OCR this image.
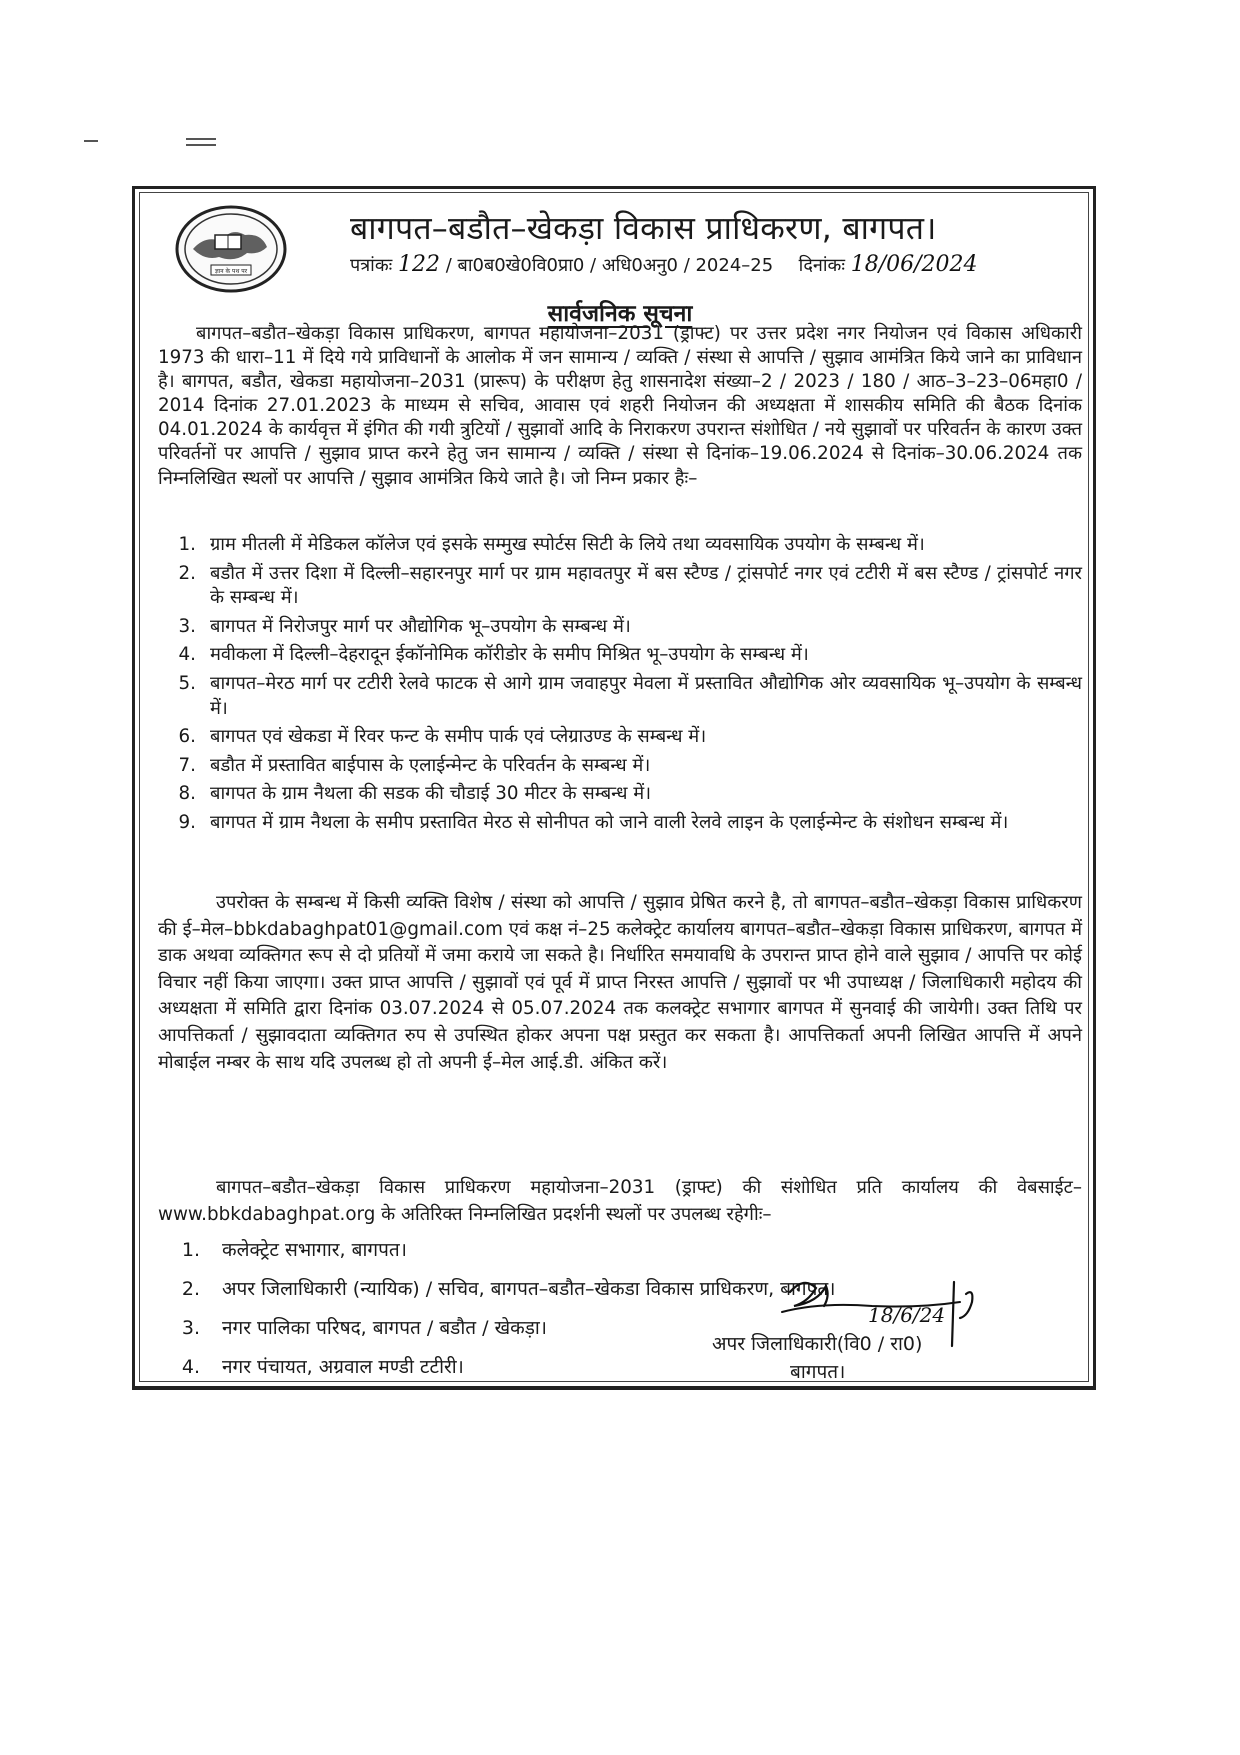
ज्ञान के पथ पर
बागपत–बडौत–खेकड़ा विकास प्राधिकरण, बागपत।
पत्रांकः 122 / बा0ब0खे0वि0प्रा0 / अधि0अनु0 / 2024–25 दिनांकः 18/06/2024
सार्वजनिक सूचना
बागपत–बडौत–खेकड़ा विकास प्राधिकरण, बागपत महायोजना–2031 (ड्राफ्ट) पर उत्तर प्रदेश नगर नियोजन एवं विकास अधिकारी 1973 की धारा–11 में दिये गये प्राविधानों के आलोक में जन सामान्य / व्यक्ति / संस्था से आपत्ति / सुझाव आमंत्रित किये जाने का प्राविधान है। बागपत, बडौत, खेकडा महायोजना–2031 (प्रारूप) के परीक्षण हेतु शासनादेश संख्या–2 / 2023 / 180 / आठ–3–23–06महा0 / 2014 दिनांक 27.01.2023 के माध्यम से सचिव, आवास एवं शहरी नियोजन की अध्यक्षता में शासकीय समिति की बैठक दिनांक 04.01.2024 के कार्यवृत्त में इंगित की गयी त्रुटियों / सुझावों आदि के निराकरण उपरान्त संशोधित / नये सुझावों पर परिवर्तन के कारण उक्त परिवर्तनों पर आपत्ति / सुझाव प्राप्त करने हेतु जन सामान्य / व्यक्ति / संस्था से दिनांक–19.06.2024 से दिनांक–30.06.2024 तक निम्नलिखित स्थलों पर आपत्ति / सुझाव आमंत्रित किये जाते है। जो निम्न प्रकार हैः–
1. ग्राम मीतली में मेडिकल कॉलेज एवं इसके सम्मुख स्पोर्टस सिटी के लिये तथा व्यवसायिक उपयोग के सम्बन्ध में।
2. बडौत में उत्तर दिशा में दिल्ली–सहारनपुर मार्ग पर ग्राम महावतपुर में बस स्टैण्ड / ट्रांसपोर्ट नगर एवं टटीरी में बस स्टैण्ड / ट्रांसपोर्ट नगर के सम्बन्ध में।
3. बागपत में निरोजपुर मार्ग पर औद्योगिक भू–उपयोग के सम्बन्ध में।
4. मवीकला में दिल्ली–देहरादून ईकॉनोमिक कॉरीडोर के समीप मिश्रित भू–उपयोग के सम्बन्ध में।
5. बागपत–मेरठ मार्ग पर टटीरी रेलवे फाटक से आगे ग्राम जवाहपुर मेवला में प्रस्तावित औद्योगिक ओर व्यवसायिक भू–उपयोग के सम्बन्ध में।
6. बागपत एवं खेकडा में रिवर फन्ट के समीप पार्क एवं प्लेग्राउण्ड के सम्बन्ध में।
7. बडौत में प्रस्तावित बाईपास के एलाईन्मेन्ट के परिवर्तन के सम्बन्ध में।
8. बागपत के ग्राम नैथला की सडक की चौडाई 30 मीटर के सम्बन्ध में।
9. बागपत में ग्राम नैथला के समीप प्रस्तावित मेरठ से सोनीपत को जाने वाली रेलवे लाइन के एलाईन्मेन्ट के संशोधन सम्बन्ध में।
उपरोक्त के सम्बन्ध में किसी व्यक्ति विशेष / संस्था को आपत्ति / सुझाव प्रेषित करने है, तो बागपत–बडौत–खेकड़ा विकास प्राधिकरण की ई–मेल–bbkdabaghpat01@gmail.com एवं कक्ष नं–25 कलेक्ट्रेट कार्यालय बागपत–बडौत–खेकड़ा विकास प्राधिकरण, बागपत में डाक अथवा व्यक्तिगत रूप से दो प्रतियों में जमा कराये जा सकते है। निर्धारित समयावधि के उपरान्त प्राप्त होने वाले सुझाव / आपत्ति पर कोई विचार नहीं किया जाएगा। उक्त प्राप्त आपत्ति / सुझावों एवं पूर्व में प्राप्त निरस्त आपत्ति / सुझावों पर भी उपाध्यक्ष / जिलाधिकारी महोदय की अध्यक्षता में समिति द्वारा दिनांक 03.07.2024 से 05.07.2024 तक कलक्ट्रेट सभागार बागपत में सुनवाई की जायेगी। उक्त तिथि पर आपत्तिकर्ता / सुझावदाता व्यक्तिगत रुप से उपस्थित होकर अपना पक्ष प्रस्तुत कर सकता है। आपत्तिकर्ता अपनी लिखित आपत्ति में अपने मोबाईल नम्बर के साथ यदि उपलब्ध हो तो अपनी ई–मेल आई.डी. अंकित करें।
बागपत–बडौत–खेकड़ा विकास प्राधिकरण महायोजना–2031 (ड्राफ्ट) की संशोधित प्रति कार्यालय की वेबसाईट–www.bbkdabaghpat.org के अतिरिक्त निम्नलिखित प्रदर्शनी स्थलों पर उपलब्ध रहेगीः–
1.	कलेक्ट्रेट सभागार, बागपत।
2.	अपर जिलाधिकारी (न्यायिक) / सचिव, बागपत–बडौत–खेकडा विकास प्राधिकरण, बागपत।
3.	नगर पालिका परिषद, बागपत / बडौत / खेकड़ा।
4.	नगर पंचायत, अग्रवाल मण्डी टटीरी।
18/6/24
अपर जिलाधिकारी(वि0 / रा0)
बागपत।
